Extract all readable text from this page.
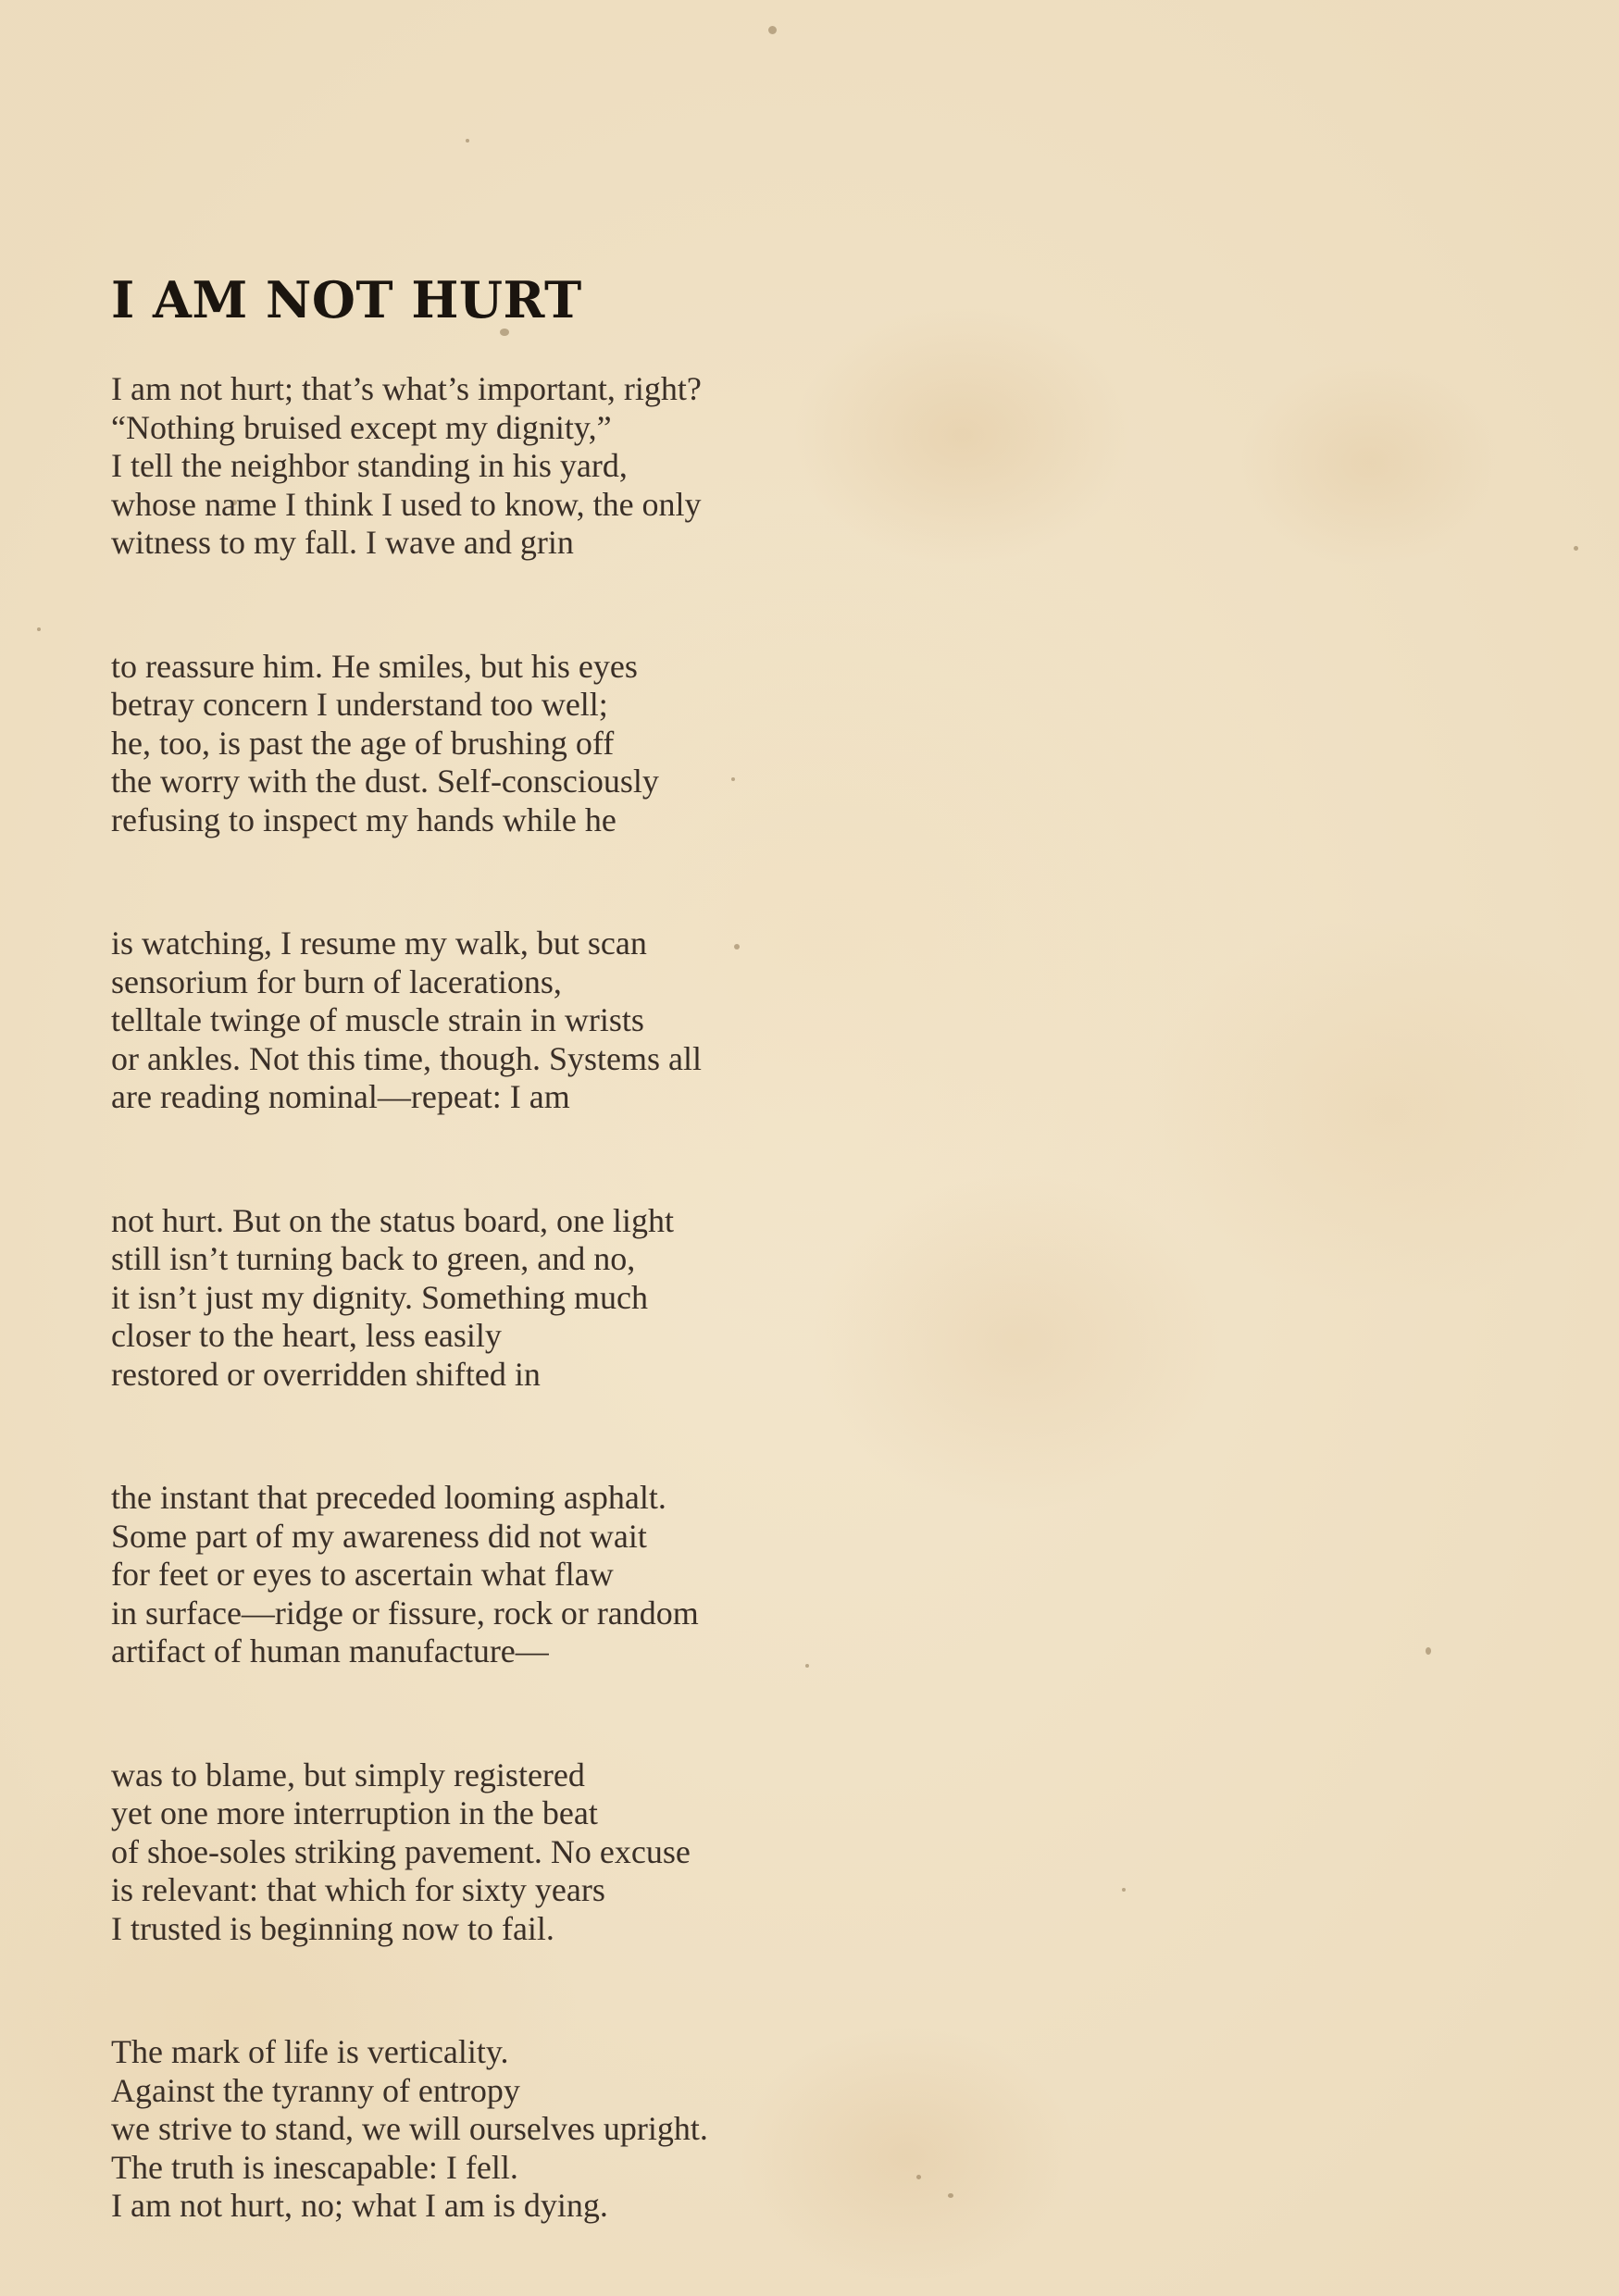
I AM NOT HURT
I am not hurt; that’s what’s important, right?
“Nothing bruised except my dignity,”
I tell the neighbor standing in his yard,
whose name I think I used to know, the only
witness to my fall. I wave and grin
to reassure him. He smiles, but his eyes
betray concern I understand too well;
he, too, is past the age of brushing off
the worry with the dust. Self-consciously
refusing to inspect my hands while he
is watching, I resume my walk, but scan
sensorium for burn of lacerations,
telltale twinge of muscle strain in wrists
or ankles. Not this time, though. Systems all
are reading nominal—repeat: I am
not hurt. But on the status board, one light
still isn’t turning back to green, and no,
it isn’t just my dignity. Something much
closer to the heart, less easily
restored or overridden shifted in
the instant that preceded looming asphalt.
Some part of my awareness did not wait
for feet or eyes to ascertain what flaw
in surface—ridge or fissure, rock or random
artifact of human manufacture—
was to blame, but simply registered
yet one more interruption in the beat
of shoe-soles striking pavement. No excuse
is relevant: that which for sixty years
I trusted is beginning now to fail.
The mark of life is verticality.
Against the tyranny of entropy
we strive to stand, we will ourselves upright.
The truth is inescapable: I fell.
I am not hurt, no; what I am is dying.
